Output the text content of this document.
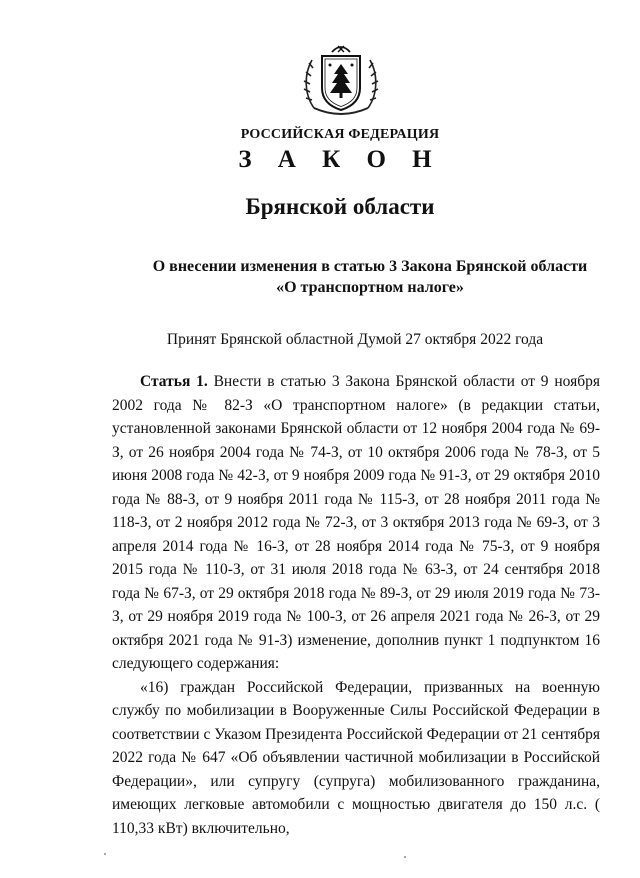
РОССИЙСКАЯ ФЕДЕРАЦИЯ
З А К О Н
Брянской области
О внесении изменения в статью 3 Закона Брянской области
«О транспортном налоге»
Принят Брянской областной Думой 27 октября 2022 года

Статья 1. Внести в статью 3 Закона Брянской области от 9 ноября 2002 года № 82-З «О транспортном налоге» (в редакции статьи, установленной законами Брянской области от 12 ноября 2004 года № 69-З, от 26 ноября 2004 года № 74-З, от 10 октября 2006 года № 78-З, от 5 июня 2008 года № 42-З, от 9 ноября 2009 года № 91-З, от 29 октября 2010 года № 88-З, от 9 ноября 2011 года № 115-З, от 28 ноября 2011 года № 118-З, от 2 ноября 2012 года № 72-З, от 3 октября 2013 года № 69-З, от 3 апреля 2014 года № 16-З, от 28 ноября 2014 года № 75-З, от 9 ноября 2015 года № 110-З, от 31 июля 2018 года № 63-З, от 24 сентября 2018 года № 67-З, от 29 октября 2018 года № 89-З, от 29 июля 2019 года № 73-З, от 29 ноября 2019 года № 100-З, от 26 апреля 2021 года № 26-З, от 29 октября 2021 года № 91-З) изменение, дополнив пункт 1 подпунктом 16 следующего содержания:

«16) граждан Российской Федерации, призванных на военную службу по мобилизации в Вооруженные Силы Российской Федерации в соответствии с Указом Президента Российской Федерации от 21 сентября 2022 года № 647 «Об объявлении частичной мобилизации в Российской Федерации», или супругу (супруга) мобилизованного гражданина, имеющих легковые автомобили с мощностью двигателя до 150 л.с. ( 110,33 кВт) включительно,
